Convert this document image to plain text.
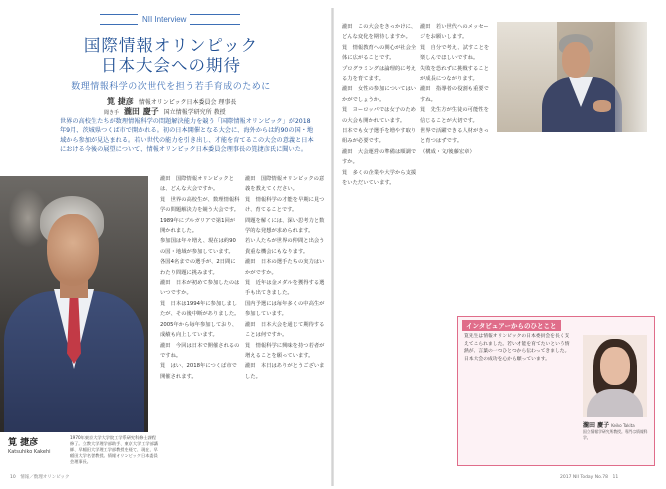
NII Interview
国際情報オリンピック
日本大会への期待
数理情報科学の次世代を担う若手育成のために
筧 捷彦 情報オリンピック日本委員会 理事長
聞き手 瀧田 慶子 国立情報学研究所 教授
世界の高校生たちが数理情報科学の問題解決能力を競う「国際情報オリンピック」が2018年9月、茨城県つくば市で開かれる。初の日本開催となる大会に、海外からは約90の国・地域から参加が見込まれる。若い世代の能力を引き出し、才能を育てるこの大会の意義と日本における今後の展望について、情報オリンピック日本委員会理事長の筧捷彦氏に聞いた。
筧 捷彦
Katsuhiko Kakehi
1970年東京大学大学院工学系研究科修士課程修了。立教大学理学部助手、東京大学工学部講師、早稲田大学理工学部教授を経て、現在、早稲田大学名誉教授。情報オリンピック日本委員会理事長。

瀧田　国際情報オリンピックとは、どんな大会ですか。

筧　世界の高校生が、数理情報科学の問題解決力を競う大会です。

1989年にブルガリアで第1回が開かれました。

参加国は年々増え、現在は約90の国・地域が参加しています。

各国4名までの選手が、2日間にわたり問題に挑みます。

瀧田　日本が初めて参加したのはいつですか。

筧　日本は1994年に参加しましたが、その後中断がありました。

2005年から毎年参加しており、成績も向上しています。

瀧田　今回は日本で開催されるのですね。

筧　はい、2018年につくば市で開催されます。

瀧田　国際情報オリンピックの意義を教えてください。

筧　情報科学の才能を早期に見つけ、育てることです。

問題を解くには、深い思考力と数学的な発想が求められます。

若い人たちが世界の仲間と出会う貴重な機会にもなります。

瀧田　日本の選手たちの実力はいかがですか。

筧　近年は金メダルを獲得する選手も出てきました。

国内予選には毎年多くの中高生が参加しています。

瀧田　日本大会を通じて期待することは何ですか。

筧　情報科学に興味を持つ若者が増えることを願っています。

瀧田　本日はありがとうございました。

10　情報／数理オリンピック

瀧田　この大会をきっかけに、どんな変化を期待しますか。

筧　情報教育への関心が社会全体に広がることです。

プログラミングは論理的に考える力を育てます。

瀧田　女性の参加についてはいかがでしょうか。

筧　ヨーロッパでは女子のための大会も開かれています。

日本でも女子選手を増やす取り組みが必要です。

瀧田　大会運営の準備は順調ですか。

筧　多くの企業や大学から支援をいただいています。

瀧田　若い世代へのメッセージをお願いします。

筧　自分で考え、試すことを楽しんでほしいですね。

失敗を恐れずに挑戦することが成長につながります。

瀧田　指導者の役割も重要ですね。

筧　先生方が生徒の可能性を信じることが大切です。

世界で活躍できる人材がきっと育つはずです。

（構成・文/後藤宏章）

インタビュアーからのひとこと
筧先生は情報オリンピックの日本委員会を長く支えてこられました。若い才能を育てたいという情熱が、言葉の一つひとつから伝わってきました。日本大会の成功を心から願っています。
瀧田 慶子 Keiko Takita
国立情報学研究所教授。専門は情報科学。
2017 NII Today No.78　11
